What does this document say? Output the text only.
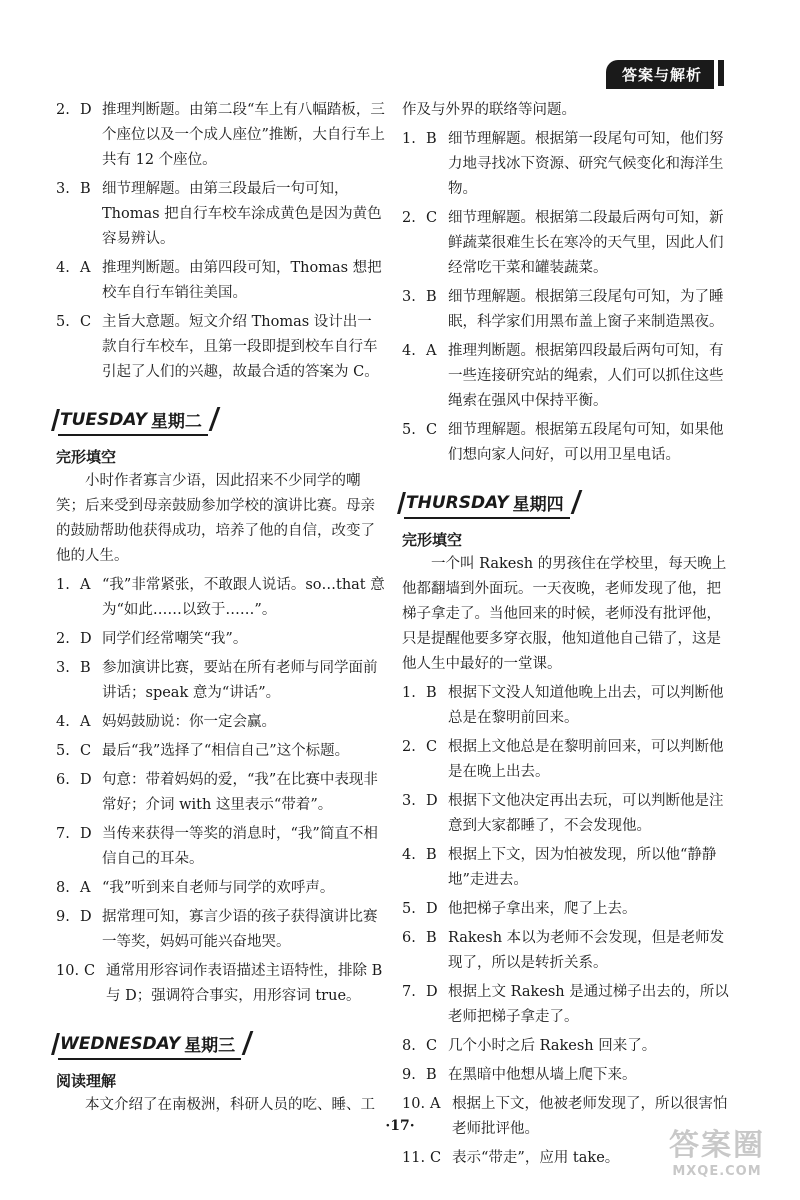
答案与解析
2. D 推理判断题。由第二段“车上有八幅踏板，三个座位以及一个成人座位”推断，大自行车上共有 12 个座位。
3. B 细节理解题。由第三段最后一句可知，Thomas 把自行车校车涂成黄色是因为黄色容易辨认。
4. A 推理判断题。由第四段可知，Thomas 想把校车自行车销往美国。
5. C 主旨大意题。短文介绍 Thomas 设计出一款自行车校车，且第一段即提到校车自行车引起了人们的兴趣，故最合适的答案为 C。
TUESDAY 星期二
完形填空
小时作者寡言少语，因此招来不少同学的嘲笑；后来受到母亲鼓励参加学校的演讲比赛。母亲的鼓励帮助他获得成功，培养了他的自信，改变了他的人生。
1. A “我”非常紧张，不敢跟人说话。so…that 意为“如此……以致于……”。
2. D 同学们经常嘲笑“我”。
3. B 参加演讲比赛，要站在所有老师与同学面前讲话；speak 意为“讲话”。
4. A 妈妈鼓励说：你一定会赢。
5. C 最后“我”选择了“相信自己”这个标题。
6. D 句意：带着妈妈的爱，“我”在比赛中表现非常好；介词 with 这里表示“带着”。
7. D 当传来获得一等奖的消息时，“我”简直不相信自己的耳朵。
8. A “我”听到来自老师与同学的欢呼声。
9. D 据常理可知，寡言少语的孩子获得演讲比赛一等奖，妈妈可能兴奋地哭。
10. C 通常用形容词作表语描述主语特性，排除 B 与 D；强调符合事实，用形容词 true。
WEDNESDAY 星期三
阅读理解
本文介绍了在南极洲，科研人员的吃、睡、工
作及与外界的联络等问题。
1. B 细节理解题。根据第一段尾句可知，他们努力地寻找冰下资源、研究气候变化和海洋生物。
2. C 细节理解题。根据第二段最后两句可知，新鲜蔬菜很难生长在寒冷的天气里，因此人们经常吃干菜和罐装蔬菜。
3. B 细节理解题。根据第三段尾句可知，为了睡眠，科学家们用黑布盖上窗子来制造黑夜。
4. A 推理判断题。根据第四段最后两句可知，有一些连接研究站的绳索，人们可以抓住这些绳索在强风中保持平衡。
5. C 细节理解题。根据第五段尾句可知，如果他们想向家人问好，可以用卫星电话。
THURSDAY 星期四
完形填空
一个叫 Rakesh 的男孩住在学校里，每天晚上他都翻墙到外面玩。一天夜晚，老师发现了他，把梯子拿走了。当他回来的时候，老师没有批评他，只是提醒他要多穿衣服，他知道他自己错了，这是他人生中最好的一堂课。
1. B 根据下文没人知道他晚上出去，可以判断他总是在黎明前回来。
2. C 根据上文他总是在黎明前回来，可以判断他是在晚上出去。
3. D 根据下文他决定再出去玩，可以判断他是注意到大家都睡了，不会发现他。
4. B 根据上下文，因为怕被发现，所以他“静静地”走进去。
5. D 他把梯子拿出来，爬了上去。
6. B Rakesh 本以为老师不会发现，但是老师发现了，所以是转折关系。
7. D 根据上文 Rakesh 是通过梯子出去的，所以老师把梯子拿走了。
8. C 几个小时之后 Rakesh 回来了。
9. B 在黑暗中他想从墙上爬下来。
10. A 根据上下文，他被老师发现了，所以很害怕老师批评他。
11. C 表示“带走”，应用 take。
·17·
答案圈
MXQE.COM
